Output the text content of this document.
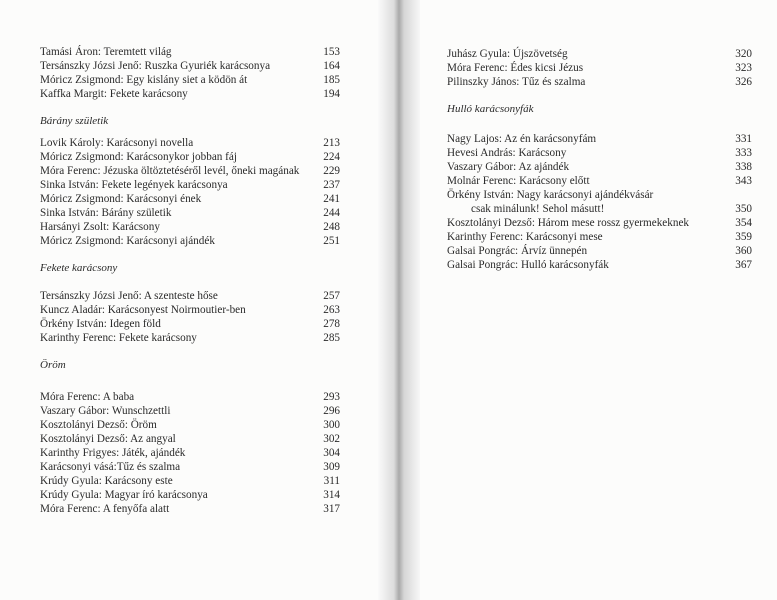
Tamási Áron: Teremtett világ	153
Tersánszky Józsi Jenő: Ruszka Gyuriék karácsonya	164
Móricz Zsigmond: Egy kislány siet a ködön át	185
Kaffka Margit: Fekete karácsony	194
Bárány születik
Lovik Károly: Karácsonyi novella	213
Móricz Zsigmond: Karácsonykor jobban fáj	224
Móra Ferenc: Jézuska öltöztetéséről levél, őneki magának 229
Sinka István: Fekete legények karácsonya	237
Móricz Zsigmond: Karácsonyi ének	241
Sinka István: Bárány születik	244
Harsányi Zsolt: Karácsony	248
Móricz Zsigmond: Karácsonyi ajándék	251
Fekete karácsony
Tersánszky Józsi Jenő: A szenteste hőse	257
Kuncz Aladár: Karácsonyest Noirmoutier-ben	263
Örkény István: Idegen föld	278
Karinthy Ferenc: Fekete karácsony	285
Öröm
Móra Ferenc: A baba	293
Vaszary Gábor: Wunschzettli	296
Kosztolányi Dezső: Öröm	300
Kosztolányi Dezső: Az angyal	302
Karinthy Frigyes: Játék, ajándék	304
Karácsonyi vásá:Tűz és szalma	309
Krúdy Gyula: Karácsony este	311
Krúdy Gyula: Magyar író karácsonya	314
Móra Ferenc: A fenyőfa alatt	317
Juhász Gyula: Újszövetség	320
Móra Ferenc: Édes kicsi Jézus	323
Pilinszky János: Tűz és szalma	326
Hulló karácsonyfák
Nagy Lajos: Az én karácsonyfám	331
Hevesi András: Karácsony	333
Vaszary Gábor: Az ajándék	338
Molnár Ferenc: Karácsony előtt	343
Örkény István: Nagy karácsonyi ajándékvásár
csak minálunk! Sehol másutt!	350
Kosztolányi Dezső: Három mese rossz gyermekeknek	354
Karinthy Ferenc: Karácsonyi mese	359
Galsai Pongrác: Árvíz ünnepén	360
Galsai Pongrác: Hulló karácsonyfák	367
